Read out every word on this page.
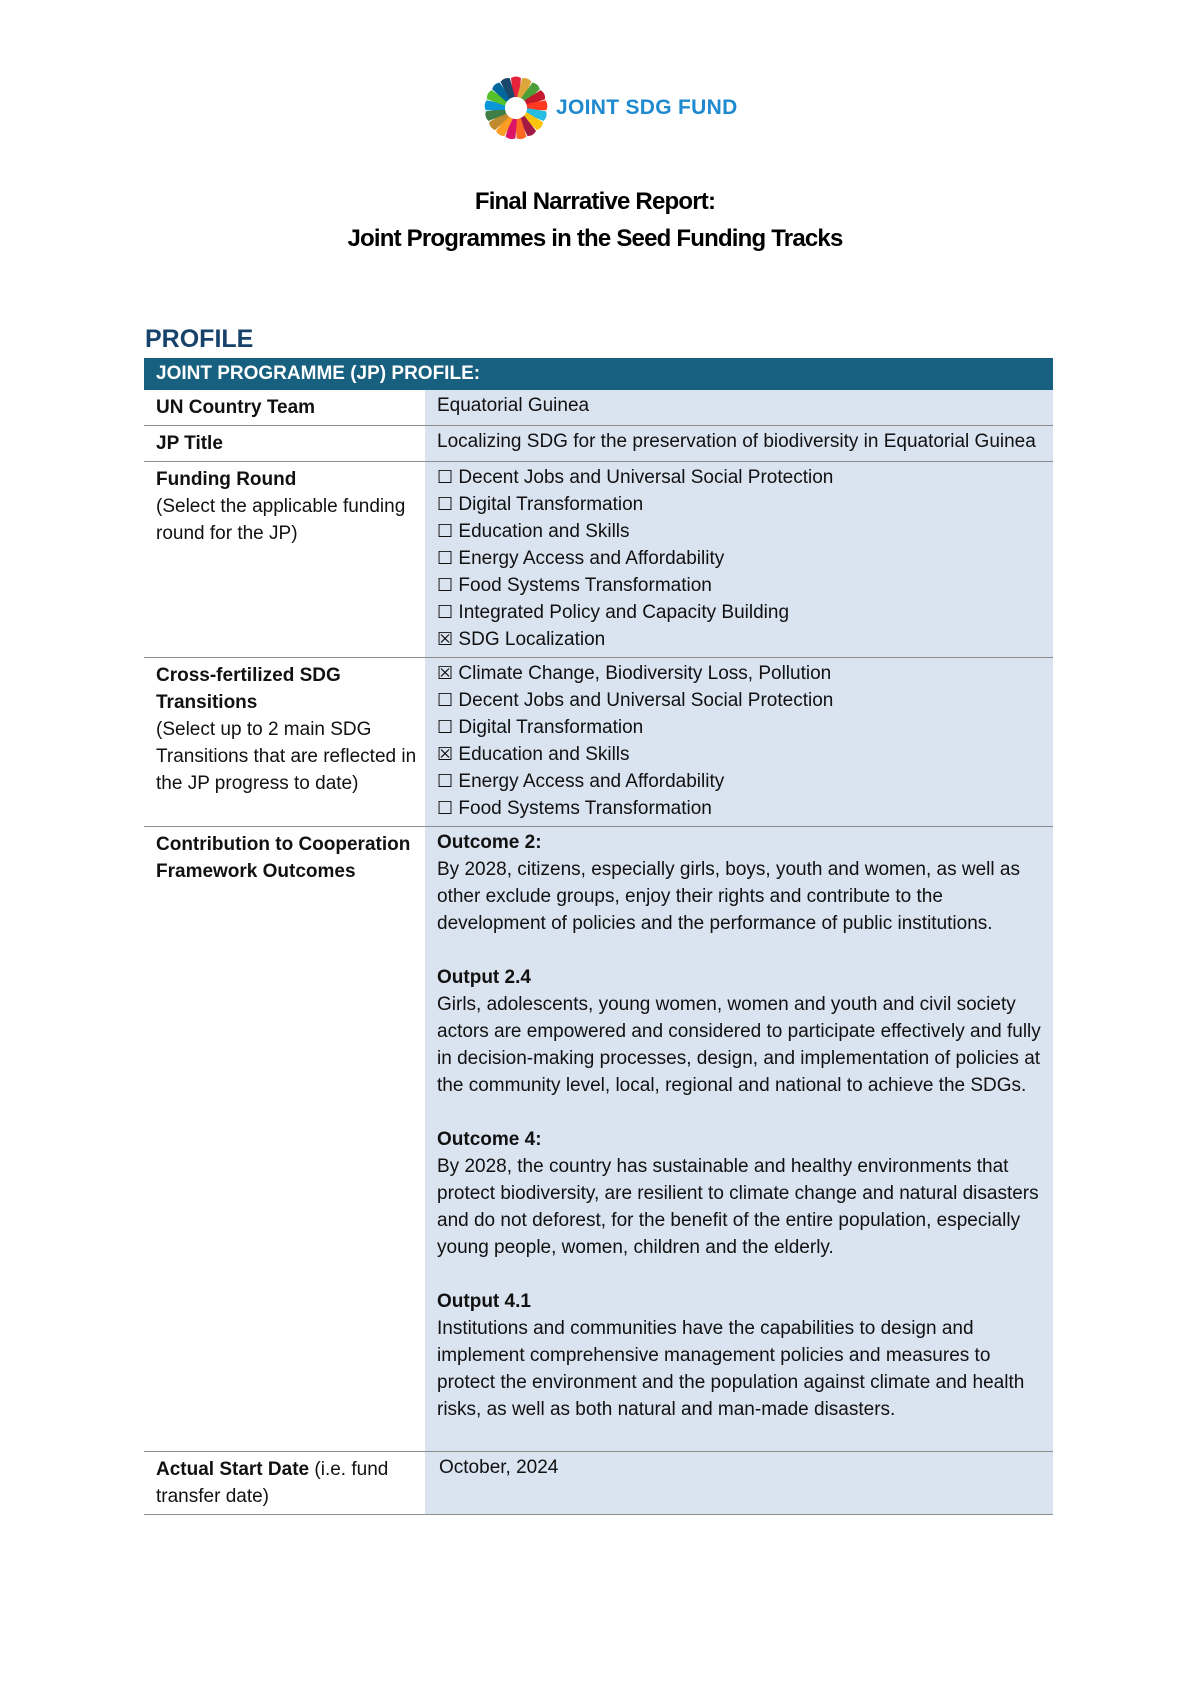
JOINT SDG FUND
Final Narrative Report:
Joint Programmes in the Seed Funding Tracks
PROFILE
JOINT PROGRAMME (JP) PROFILE:
UN Country Team	Equatorial Guinea
JP Title	Localizing SDG for the preservation of biodiversity in Equatorial Guinea
Funding Round
(Select the applicable funding round for the JP)
☐ Decent Jobs and Universal Social Protection
☐ Digital Transformation
☐ Education and Skills
☐ Energy Access and Affordability
☐ Food Systems Transformation
☐ Integrated Policy and Capacity Building
☒ SDG Localization
Cross-fertilized SDG
Transitions
(Select up to 2 main SDG Transitions that are reflected in the JP progress to date)
☒ Climate Change, Biodiversity Loss, Pollution
☐ Decent Jobs and Universal Social Protection
☐ Digital Transformation
☒ Education and Skills
☐ Energy Access and Affordability
☐ Food Systems Transformation
Contribution to Cooperation Framework Outcomes
Outcome 2:
By 2028, citizens, especially girls, boys, youth and women, as well as other exclude groups, enjoy their rights and contribute to the development of policies and the performance of public institutions.
Output 2.4
Girls, adolescents, young women, women and youth and civil society actors are empowered and considered to participate effectively and fully in decision-making processes, design, and implementation of policies at the community level, local, regional and national to achieve the SDGs.
Outcome 4:
By 2028, the country has sustainable and healthy environments that protect biodiversity, are resilient to climate change and natural disasters and do not deforest, for the benefit of the entire population, especially young people, women, children and the elderly.
Output 4.1
Institutions and communities have the capabilities to design and implement comprehensive management policies and measures to protect the environment and the population against climate and health risks, as well as both natural and man-made disasters.
Actual Start Date (i.e. fund transfer date)
October, 2024
